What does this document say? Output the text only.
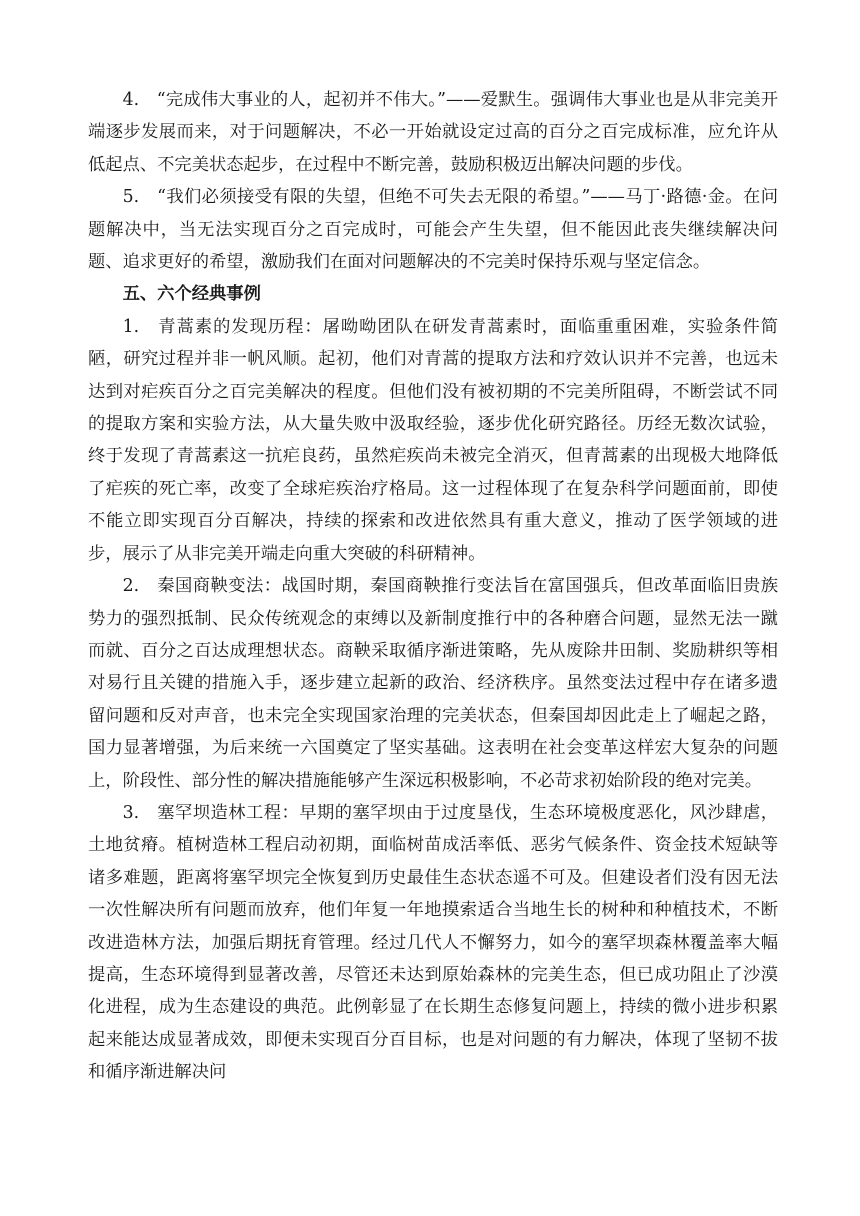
4.　“完成伟大事业的人，起初并不伟大。”——爱默生。强调伟大事业也是从非完美开端逐步发展而来，对于问题解决，不必一开始就设定过高的百分之百完成标准，应允许从低起点、不完美状态起步，在过程中不断完善，鼓励积极迈出解决问题的步伐。

5.　“我们必须接受有限的失望，但绝不可失去无限的希望。”——马丁·路德·金。在问题解决中，当无法实现百分之百完成时，可能会产生失望，但不能因此丧失继续解决问题、追求更好的希望，激励我们在面对问题解决的不完美时保持乐观与坚定信念。

五、六个经典事例

1.　青蒿素的发现历程：屠呦呦团队在研发青蒿素时，面临重重困难，实验条件简陋，研究过程并非一帆风顺。起初，他们对青蒿的提取方法和疗效认识并不完善，也远未达到对疟疾百分之百完美解决的程度。但他们没有被初期的不完美所阻碍，不断尝试不同的提取方案和实验方法，从大量失败中汲取经验，逐步优化研究路径。历经无数次试验，终于发现了青蒿素这一抗疟良药，虽然疟疾尚未被完全消灭，但青蒿素的出现极大地降低了疟疾的死亡率，改变了全球疟疾治疗格局。这一过程体现了在复杂科学问题面前，即使不能立即实现百分百解决，持续的探索和改进依然具有重大意义，推动了医学领域的进步，展示了从非完美开端走向重大突破的科研精神。

2.　秦国商鞅变法：战国时期，秦国商鞅推行变法旨在富国强兵，但改革面临旧贵族势力的强烈抵制、民众传统观念的束缚以及新制度推行中的各种磨合问题，显然无法一蹴而就、百分之百达成理想状态。商鞅采取循序渐进策略，先从废除井田制、奖励耕织等相对易行且关键的措施入手，逐步建立起新的政治、经济秩序。虽然变法过程中存在诸多遗留问题和反对声音，也未完全实现国家治理的完美状态，但秦国却因此走上了崛起之路，国力显著增强，为后来统一六国奠定了坚实基础。这表明在社会变革这样宏大复杂的问题上，阶段性、部分性的解决措施能够产生深远积极影响，不必苛求初始阶段的绝对完美。

3.　塞罕坝造林工程：早期的塞罕坝由于过度垦伐，生态环境极度恶化，风沙肆虐，土地贫瘠。植树造林工程启动初期，面临树苗成活率低、恶劣气候条件、资金技术短缺等诸多难题，距离将塞罕坝完全恢复到历史最佳生态状态遥不可及。但建设者们没有因无法一次性解决所有问题而放弃，他们年复一年地摸索适合当地生长的树种和种植技术，不断改进造林方法，加强后期抚育管理。经过几代人不懈努力，如今的塞罕坝森林覆盖率大幅提高，生态环境得到显著改善，尽管还未达到原始森林的完美生态，但已成功阻止了沙漠化进程，成为生态建设的典范。此例彰显了在长期生态修复问题上，持续的微小进步积累起来能达成显著成效，即便未实现百分百目标，也是对问题的有力解决，体现了坚韧不拔和循序渐进解决问
